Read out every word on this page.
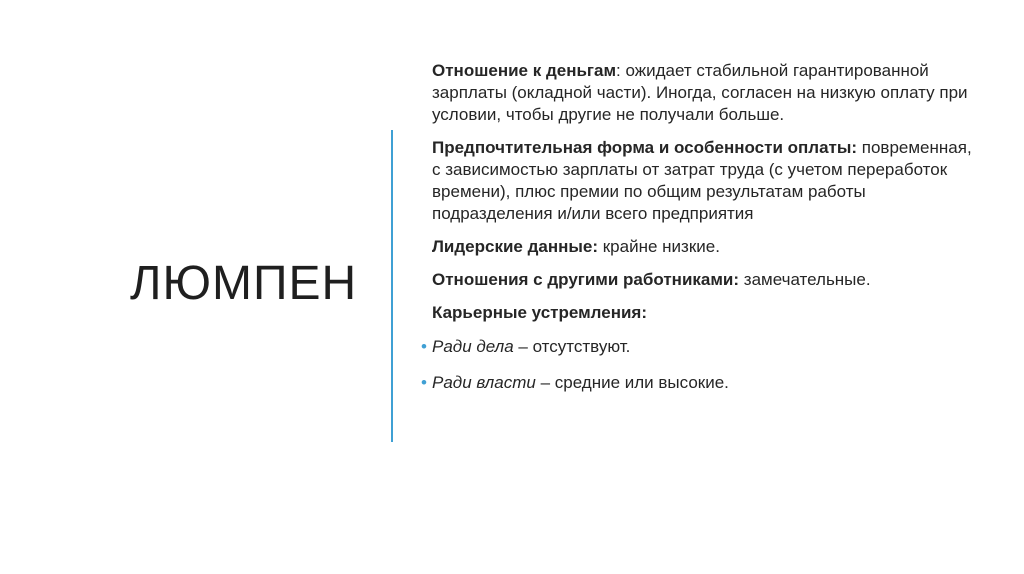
ЛЮМПЕН

Отношение к деньгам: ожидает стабильной гарантированной зарплаты (окладной части). Иногда, согласен на низкую оплату при условии, чтобы другие не получали больше.

Предпочтительная форма и особенности оплаты: повременная, с зависимостью зарплаты от затрат труда (с учетом переработок времени), плюс премии по общим результатам работы подразделения и/или всего предприятия

Лидерские данные: крайне низкие.

Отношения с другими работниками: замечательные.

Карьерные устремления:

• Ради дела – отсутствуют.

• Ради власти – средние или высокие.
